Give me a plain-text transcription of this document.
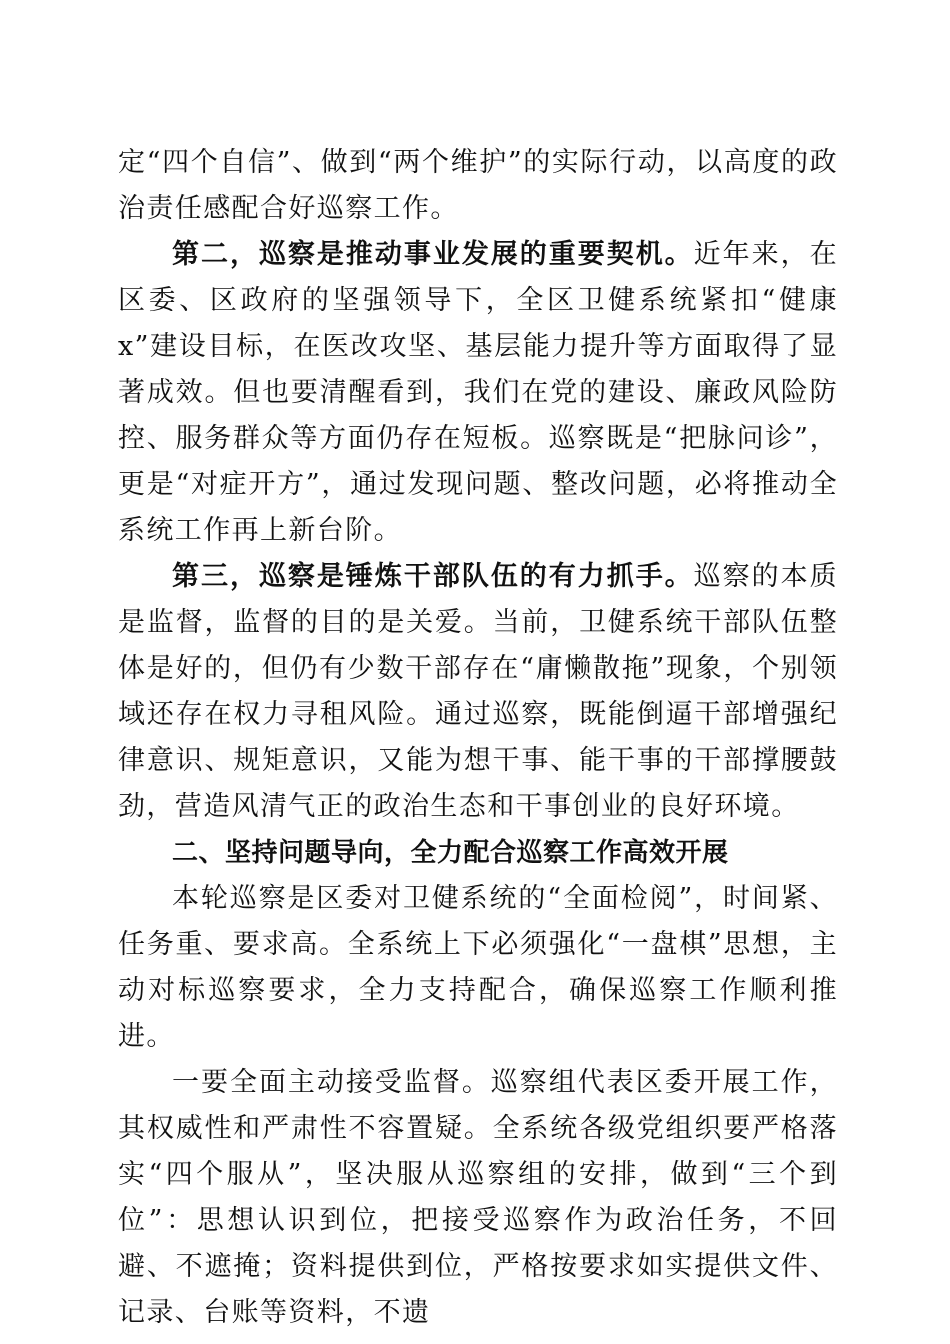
定“四个自信”、做到“两个维护”的实际行动，以高度的政治责任感配合好巡察工作。

第二，巡察是推动事业发展的重要契机。近年来，在区委、区政府的坚强领导下，全区卫健系统紧扣“健康x”建设目标，在医改攻坚、基层能力提升等方面取得了显著成效。但也要清醒看到，我们在党的建设、廉政风险防控、服务群众等方面仍存在短板。巡察既是“把脉问诊”，更是“对症开方”，通过发现问题、整改问题，必将推动全系统工作再上新台阶。

第三，巡察是锤炼干部队伍的有力抓手。巡察的本质是监督，监督的目的是关爱。当前，卫健系统干部队伍整体是好的，但仍有少数干部存在“庸懒散拖”现象，个别领域还存在权力寻租风险。通过巡察，既能倒逼干部增强纪律意识、规矩意识，又能为想干事、能干事的干部撑腰鼓劲，营造风清气正的政治生态和干事创业的良好环境。

二、坚持问题导向，全力配合巡察工作高效开展

本轮巡察是区委对卫健系统的“全面检阅”，时间紧、任务重、要求高。全系统上下必须强化“一盘棋”思想，主动对标巡察要求，全力支持配合，确保巡察工作顺利推进。

一要全面主动接受监督。巡察组代表区委开展工作，其权威性和严肃性不容置疑。全系统各级党组织要严格落实“四个服从”，坚决服从巡察组的安排，做到“三个到位”：思想认识到位，把接受巡察作为政治任务，不回避、不遮掩；资料提供到位，严格按要求如实提供文件、记录、台账等资料，不遗
